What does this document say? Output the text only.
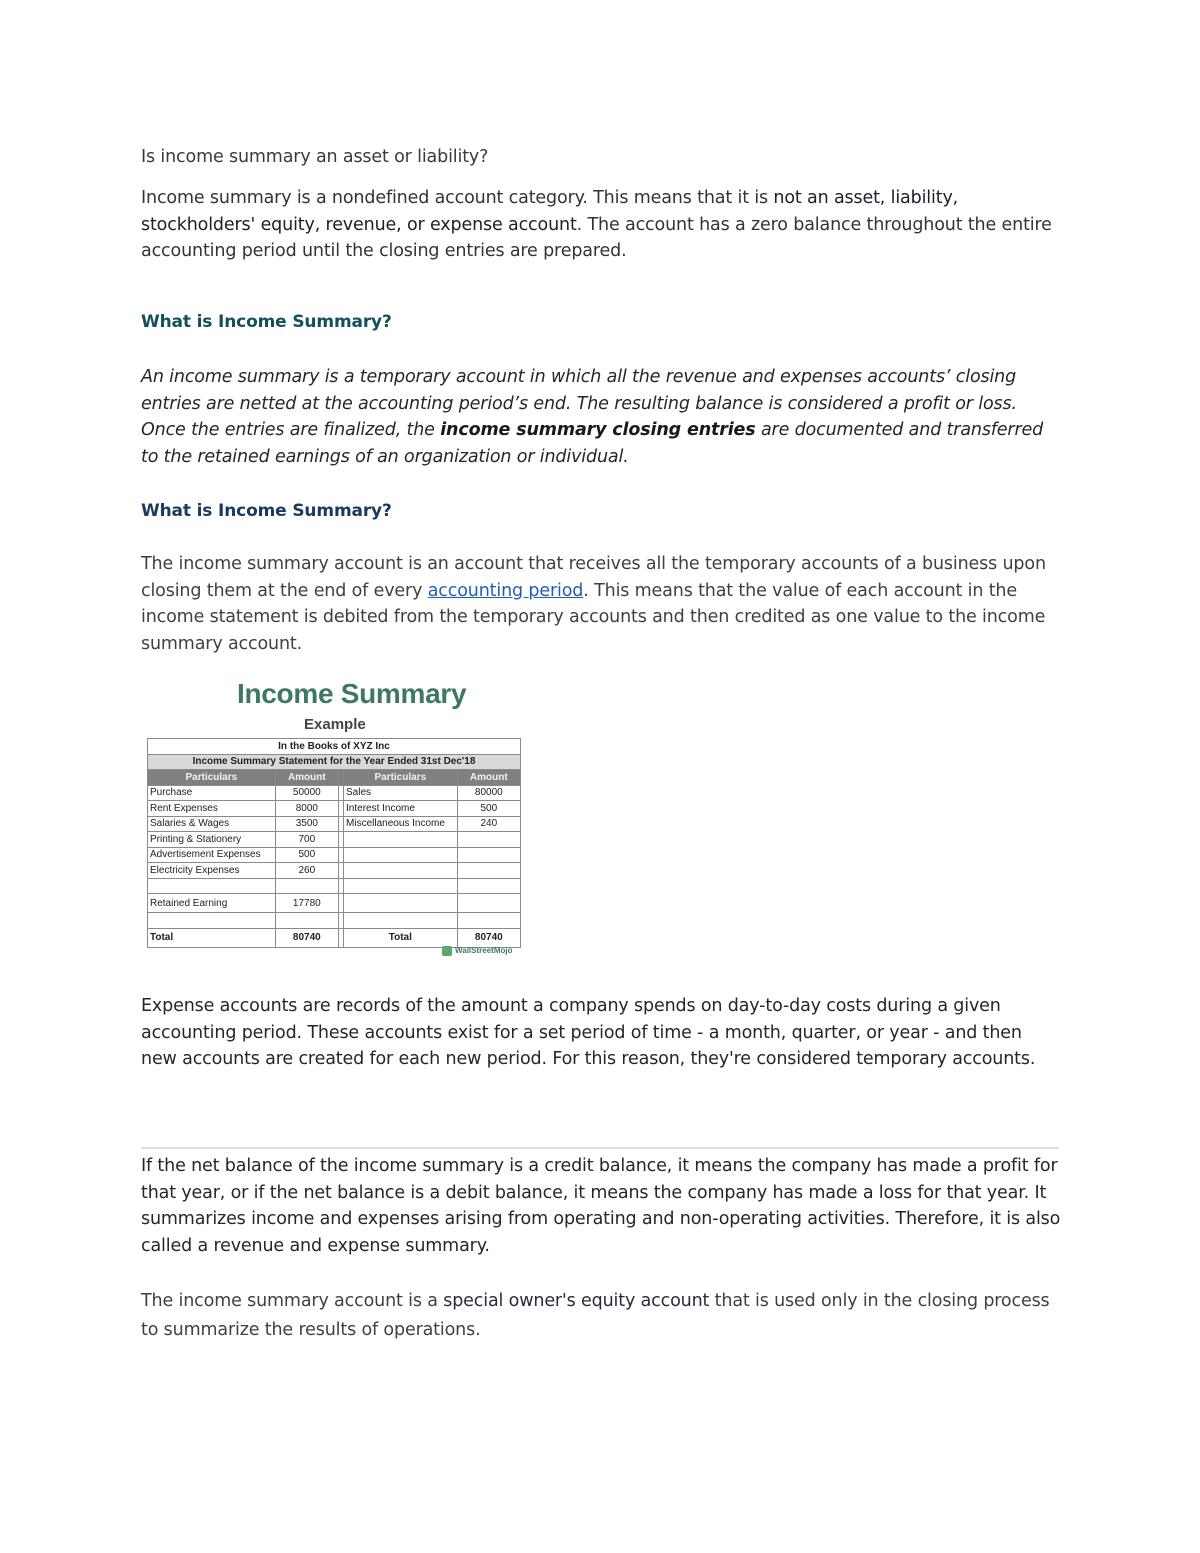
Is income summary an asset or liability?

Income summary is a nondefined account category. This means that it is not an asset, liability, stockholders' equity, revenue, or expense account. The account has a zero balance throughout the entire accounting period until the closing entries are prepared.

What is Income Summary?

An income summary is a temporary account in which all the revenue and expenses accounts’ closing entries are netted at the accounting period’s end. The resulting balance is considered a profit or loss. Once the entries are finalized, the income summary closing entries are documented and transferred to the retained earnings of an organization or individual.

What is Income Summary?

The income summary account is an account that receives all the temporary accounts of a business upon closing them at the end of every accounting period. This means that the value of each account in the income statement is debited from the temporary accounts and then credited as one value to the income summary account.

Expense accounts are records of the amount a company spends on day-to-day costs during a given accounting period. These accounts exist for a set period of time - a month, quarter, or year - and then new accounts are created for each new period. For this reason, they're considered temporary accounts.

If the net balance of the income summary is a credit balance, it means the company has made a profit for that year, or if the net balance is a debit balance, it means the company has made a loss for that year. It summarizes income and expenses arising from operating and non-operating activities. Therefore, it is also called a revenue and expense summary.

The income summary account is a special owner's equity account that is used only in the closing process to summarize the results of operations.

Income Summary
Example
In the Books of XYZ Inc				
Income Summary Statement for the Year Ended 31st Dec'18				
Particulars	Amount		Particulars	Amount
Purchase	50000		Sales	80000
Rent Expenses	8000		Interest Income	500
Salaries & Wages	3500		Miscellaneous Income	240
Printing & Stationery	700			
Advertisement Expenses	500			
Electricity Expenses	260			

Retained Earning	17780			

Total	80740		Total	80740
WallStreetMojo
